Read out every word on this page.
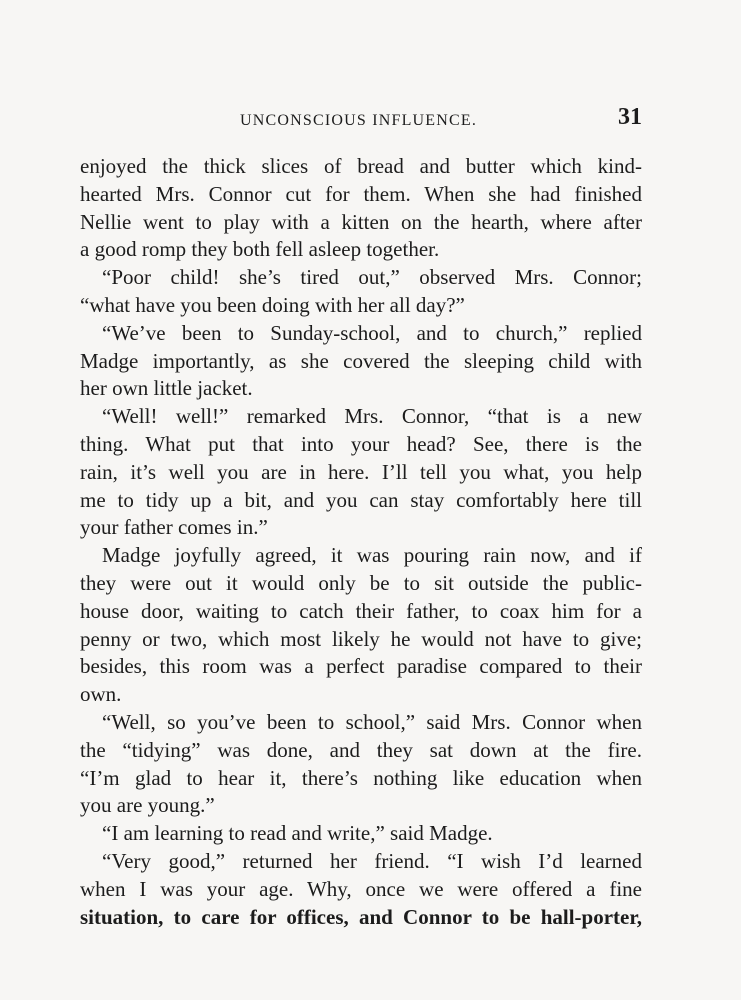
UNCONSCIOUS INFLUENCE.	31
enjoyed the thick slices of bread and butter which kind-
hearted Mrs. Connor cut for them. When she had finished
Nellie went to play with a kitten on the hearth, where after
a good romp they both fell asleep together.
“Poor child! she’s tired out,” observed Mrs. Connor;
“what have you been doing with her all day?”
“We’ve been to Sunday-school, and to church,” replied
Madge importantly, as she covered the sleeping child with
her own little jacket.
“Well! well!” remarked Mrs. Connor, “that is a new
thing. What put that into your head? See, there is the
rain, it’s well you are in here. I’ll tell you what, you help
me to tidy up a bit, and you can stay comfortably here till
your father comes in.”
Madge joyfully agreed, it was pouring rain now, and if
they were out it would only be to sit outside the public-
house door, waiting to catch their father, to coax him for a
penny or two, which most likely he would not have to give;
besides, this room was a perfect paradise compared to their
own.
“Well, so you’ve been to school,” said Mrs. Connor when
the “tidying” was done, and they sat down at the fire.
“I’m glad to hear it, there’s nothing like education when
you are young.”
“I am learning to read and write,” said Madge.
“Very good,” returned her friend. “I wish I’d learned
when I was your age. Why, once we were offered a fine
situation, to care for offices, and Connor to be hall-porter,
